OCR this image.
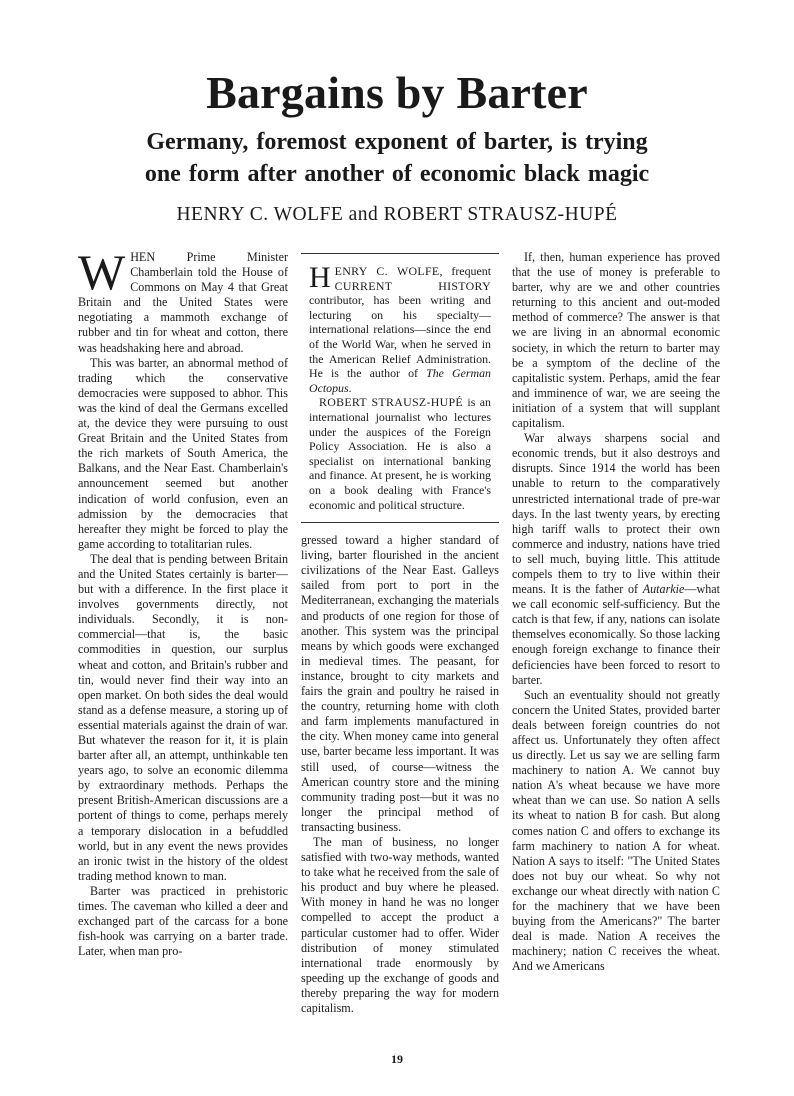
Bargains by Barter
Germany, foremost exponent of barter, is trying
one form after another of economic black magic
HENRY C. WOLFE and ROBERT STRAUSZ-HUPÉ

WHEN Prime Minister Chamberlain told the House of Commons on May 4 that Great Britain and the United States were negotiating a mammoth exchange of rubber and tin for wheat and cotton, there was headshaking here and abroad.

This was barter, an abnormal method of trading which the conservative democracies were supposed to abhor. This was the kind of deal the Germans excelled at, the device they were pursuing to oust Great Britain and the United States from the rich markets of South America, the Balkans, and the Near East. Chamberlain's announcement seemed but another indication of world confusion, even an admission by the democracies that hereafter they might be forced to play the game according to totalitarian rules.

The deal that is pending between Britain and the United States certainly is barter—but with a difference. In the first place it involves governments directly, not individuals. Secondly, it is non-commercial—that is, the basic commodities in question, our surplus wheat and cotton, and Britain's rubber and tin, would never find their way into an open market. On both sides the deal would stand as a defense measure, a storing up of essential materials against the drain of war. But whatever the reason for it, it is plain barter after all, an attempt, unthinkable ten years ago, to solve an economic dilemma by extraordinary methods. Perhaps the present British-American discussions are a portent of things to come, perhaps merely a temporary dislocation in a befuddled world, but in any event the news provides an ironic twist in the history of the oldest trading method known to man.

Barter was practiced in prehistoric times. The caveman who killed a deer and exchanged part of the carcass for a bone fish-hook was carrying on a barter trade. Later, when man pro-

HENRY C. WOLFE, frequent CURRENT HISTORY contributor, has been writing and lecturing on his specialty—international relations—since the end of the World War, when he served in the American Relief Administration. He is the author of The German Octopus.

ROBERT STRAUSZ-HUPÉ is an international journalist who lectures under the auspices of the Foreign Policy Association. He is also a specialist on international banking and finance. At present, he is working on a book dealing with France's economic and political structure.

gressed toward a higher standard of living, barter flourished in the ancient civilizations of the Near East. Galleys sailed from port to port in the Mediterranean, exchanging the materials and products of one region for those of another. This system was the principal means by which goods were exchanged in medieval times. The peasant, for instance, brought to city markets and fairs the grain and poultry he raised in the country, returning home with cloth and farm implements manufactured in the city. When money came into general use, barter became less important. It was still used, of course—witness the American country store and the mining community trading post—but it was no longer the principal method of transacting business.

The man of business, no longer satisfied with two-way methods, wanted to take what he received from the sale of his product and buy where he pleased. With money in hand he was no longer compelled to accept the product a particular customer had to offer. Wider distribution of money stimulated international trade enormously by speeding up the exchange of goods and thereby preparing the way for modern capitalism.

If, then, human experience has proved that the use of money is preferable to barter, why are we and other countries returning to this ancient and out-moded method of commerce? The answer is that we are living in an abnormal economic society, in which the return to barter may be a symptom of the decline of the capitalistic system. Perhaps, amid the fear and imminence of war, we are seeing the initiation of a system that will supplant capitalism.

War always sharpens social and economic trends, but it also destroys and disrupts. Since 1914 the world has been unable to return to the comparatively unrestricted international trade of pre-war days. In the last twenty years, by erecting high tariff walls to protect their own commerce and industry, nations have tried to sell much, buying little. This attitude compels them to try to live within their means. It is the father of Autarkie—what we call economic self-sufficiency. But the catch is that few, if any, nations can isolate themselves economically. So those lacking enough foreign exchange to finance their deficiencies have been forced to resort to barter.

Such an eventuality should not greatly concern the United States, provided barter deals between foreign countries do not affect us. Unfortunately they often affect us directly. Let us say we are selling farm machinery to nation A. We cannot buy nation A's wheat because we have more wheat than we can use. So nation A sells its wheat to nation B for cash. But along comes nation C and offers to exchange its farm machinery to nation A for wheat. Nation A says to itself: "The United States does not buy our wheat. So why not exchange our wheat directly with nation C for the machinery that we have been buying from the Americans?" The barter deal is made. Nation A receives the machinery; nation C receives the wheat. And we Americans

19
